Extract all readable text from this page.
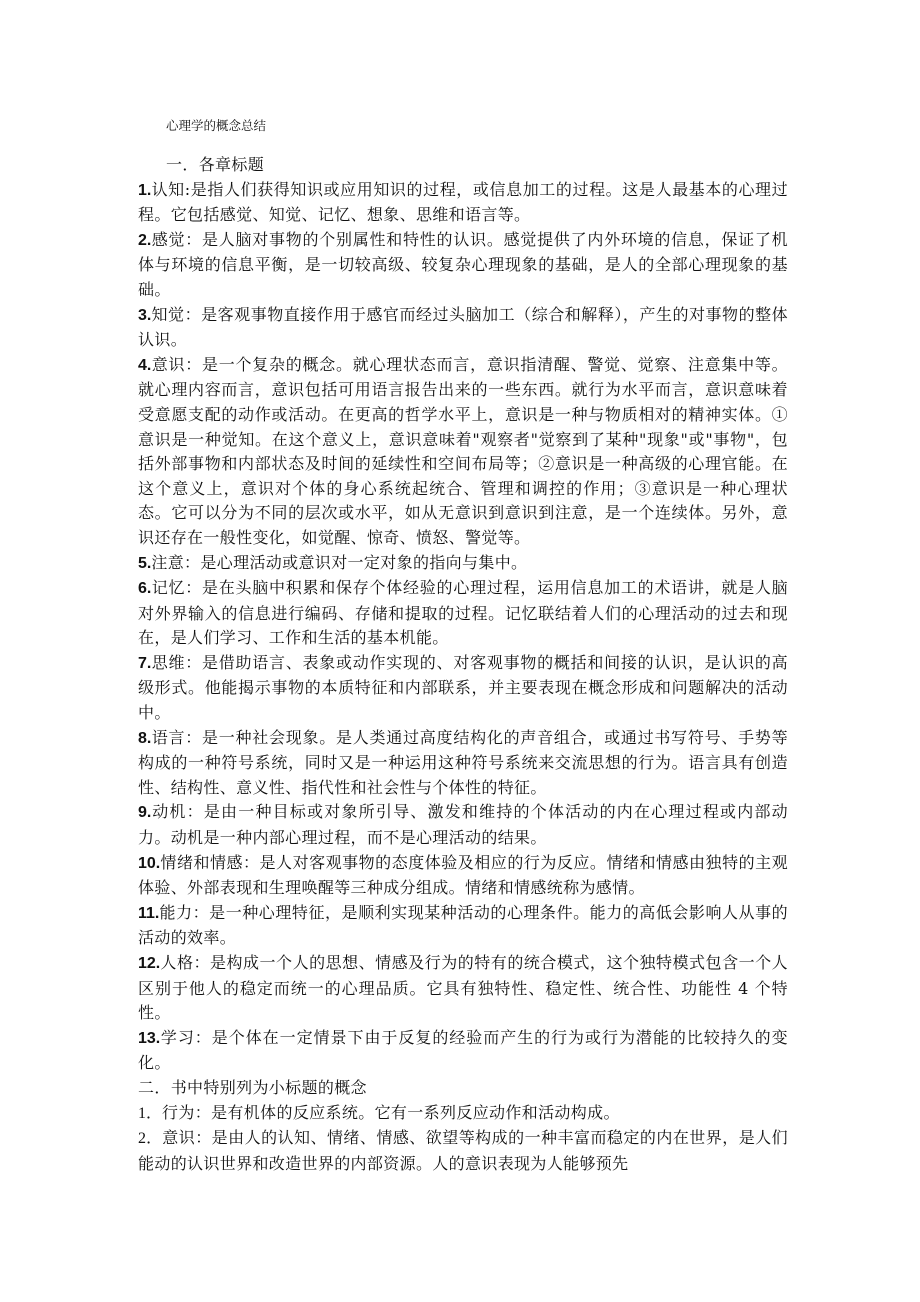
心理学的概念总结

一．各章标题

1.认知:是指人们获得知识或应用知识的过程，或信息加工的过程。这是人最基本的心理过程。它包括感觉、知觉、记忆、想象、思维和语言等。

2.感觉：是人脑对事物的个别属性和特性的认识。感觉提供了内外环境的信息，保证了机体与环境的信息平衡，是一切较高级、较复杂心理现象的基础，是人的全部心理现象的基础。

3.知觉：是客观事物直接作用于感官而经过头脑加工（综合和解释），产生的对事物的整体认识。

4.意识：是一个复杂的概念。就心理状态而言，意识指清醒、警觉、觉察、注意集中等。就心理内容而言，意识包括可用语言报告出来的一些东西。就行为水平而言，意识意味着受意愿支配的动作或活动。在更高的哲学水平上，意识是一种与物质相对的精神实体。①意识是一种觉知。在这个意义上，意识意味着"观察者"觉察到了某种"现象"或"事物"，包括外部事物和内部状态及时间的延续性和空间布局等；②意识是一种高级的心理官能。在这个意义上，意识对个体的身心系统起统合、管理和调控的作用；③意识是一种心理状态。它可以分为不同的层次或水平，如从无意识到意识到注意，是一个连续体。另外，意识还存在一般性变化，如觉醒、惊奇、愤怒、警觉等。

5.注意：是心理活动或意识对一定对象的指向与集中。

6.记忆：是在头脑中积累和保存个体经验的心理过程，运用信息加工的术语讲，就是人脑对外界输入的信息进行编码、存储和提取的过程。记忆联结着人们的心理活动的过去和现在，是人们学习、工作和生活的基本机能。

7.思维：是借助语言、表象或动作实现的、对客观事物的概括和间接的认识，是认识的高级形式。他能揭示事物的本质特征和内部联系，并主要表现在概念形成和问题解决的活动中。

8.语言：是一种社会现象。是人类通过高度结构化的声音组合，或通过书写符号、手势等构成的一种符号系统，同时又是一种运用这种符号系统来交流思想的行为。语言具有创造性、结构性、意义性、指代性和社会性与个体性的特征。

9.动机：是由一种目标或对象所引导、激发和维持的个体活动的内在心理过程或内部动力。动机是一种内部心理过程，而不是心理活动的结果。

10.情绪和情感：是人对客观事物的态度体验及相应的行为反应。情绪和情感由独特的主观体验、外部表现和生理唤醒等三种成分组成。情绪和情感统称为感情。

11.能力：是一种心理特征，是顺利实现某种活动的心理条件。能力的高低会影响人从事的活动的效率。

12.人格：是构成一个人的思想、情感及行为的特有的统合模式，这个独特模式包含一个人区别于他人的稳定而统一的心理品质。它具有独特性、稳定性、统合性、功能性 4 个特性。

13.学习：是个体在一定情景下由于反复的经验而产生的行为或行为潜能的比较持久的变化。

二．书中特别列为小标题的概念

1．行为：是有机体的反应系统。它有一系列反应动作和活动构成。

2．意识：是由人的认知、情绪、情感、欲望等构成的一种丰富而稳定的内在世界，是人们能动的认识世界和改造世界的内部资源。人的意识表现为人能够预先
